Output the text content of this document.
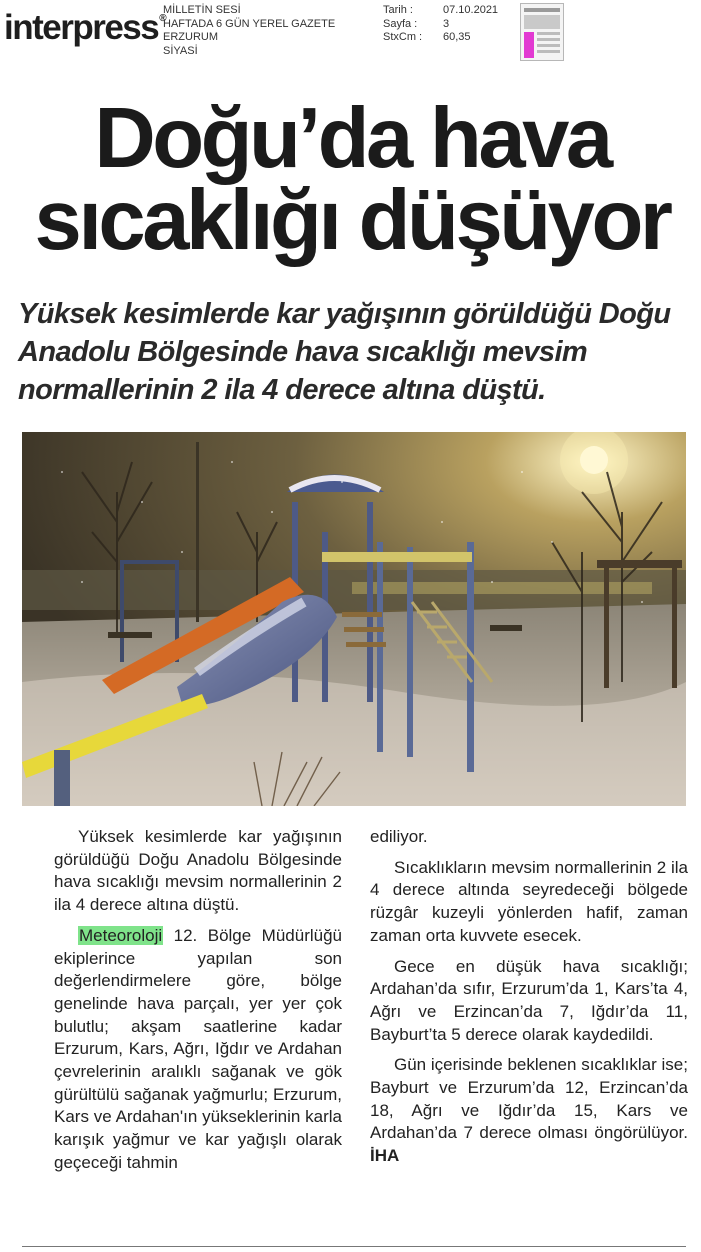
interpress®
MİLLETİN SESİ
HAFTADA 6 GÜN YEREL GAZETE
ERZURUM
SİYASİ
Tarih :	07.10.2021
Sayfa :	3
StxCm :	60,35
Doğu’da hava
sıcaklığı düşüyor
Yüksek kesimlerde kar yağışının görüldüğü Doğu Anadolu Bölgesinde hava sıcaklığı mevsim normallerinin 2 ila 4 derece altına düştü.

Yüksek kesimlerde kar yağışının görüldüğü Doğu Anadolu Bölgesinde hava sıcaklığı mevsim normallerinin 2 ila 4 derece altına düştü.

Meteoroloji 12. Bölge Müdürlüğü ekiplerince yapılan son değerlendirmelere göre, bölge genelinde hava parçalı, yer yer çok bulutlu; akşam saatlerine kadar Erzurum, Kars, Ağrı, Iğdır ve Ardahan çevrelerinin aralıklı sağanak ve gök gürültülü sağanak yağmurlu; Erzurum, Kars ve Ardahan'ın yükseklerinin karla karışık yağmur ve kar yağışlı olarak geçeceği tahmin

ediliyor.

Sıcaklıkların mevsim normallerinin 2 ila 4 derece altında seyredeceği bölgede rüzgâr kuzeyli yönlerden hafif, zaman zaman orta kuvvete esecek.

Gece en düşük hava sıcaklığı; Ardahan’da sıfır, Erzurum’da 1, Kars’ta 4, Ağrı ve Erzincan’da 7, Iğdır’da 11, Bayburt’ta 5 derece olarak kaydedildi.

Gün içerisinde beklenen sıcaklıklar ise; Bayburt ve Erzurum’da 12, Erzincan’da 18, Ağrı ve Iğdır’da 15, Kars ve Ardahan’da 7 derece olması öngörülüyor. İHA
